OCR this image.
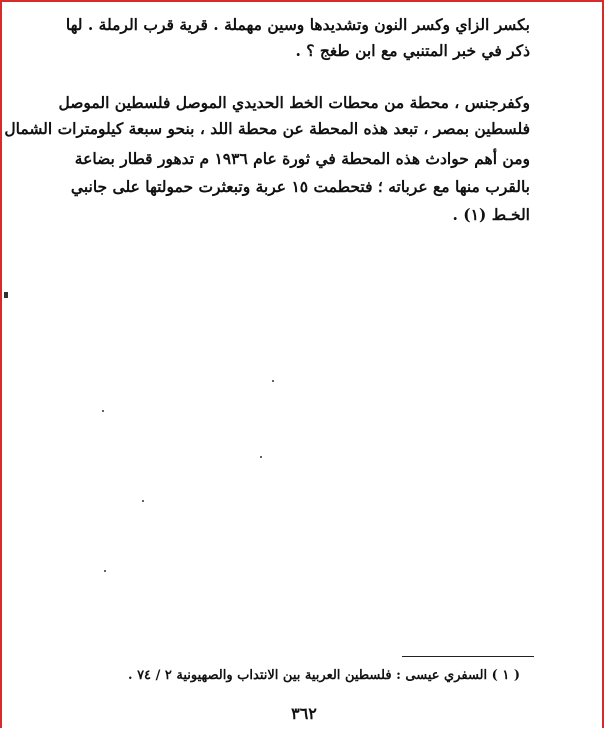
بكسر الزاي وكسر النون وتشديدها وسين مهملة . قرية قرب الرملة . لها
ذكر في خبر المتنبي مع ابن طغج ؟ .
وكفرجنس ، محطة من محطات الخط الحديدي الموصل فلسطين الموصل
فلسطين بمصر ، تبعد هذه المحطة عن محطة اللد ، بنحو سبعة كيلومترات الشمال
ومن أهم حوادث هذه المحطة في ثورة عام ١٩٣٦ م تدهور قطار بضاعة
بالقرب منها مع عرباته ؛ فتحطمت ١٥ عربة وتبعثرت حمولتها على جانبي
الخـط (١) .
( ١ ) السفري عيسى : فلسطين العربية بين الانتداب والصهيونية ٢ / ٧٤ .
٣٦٢
